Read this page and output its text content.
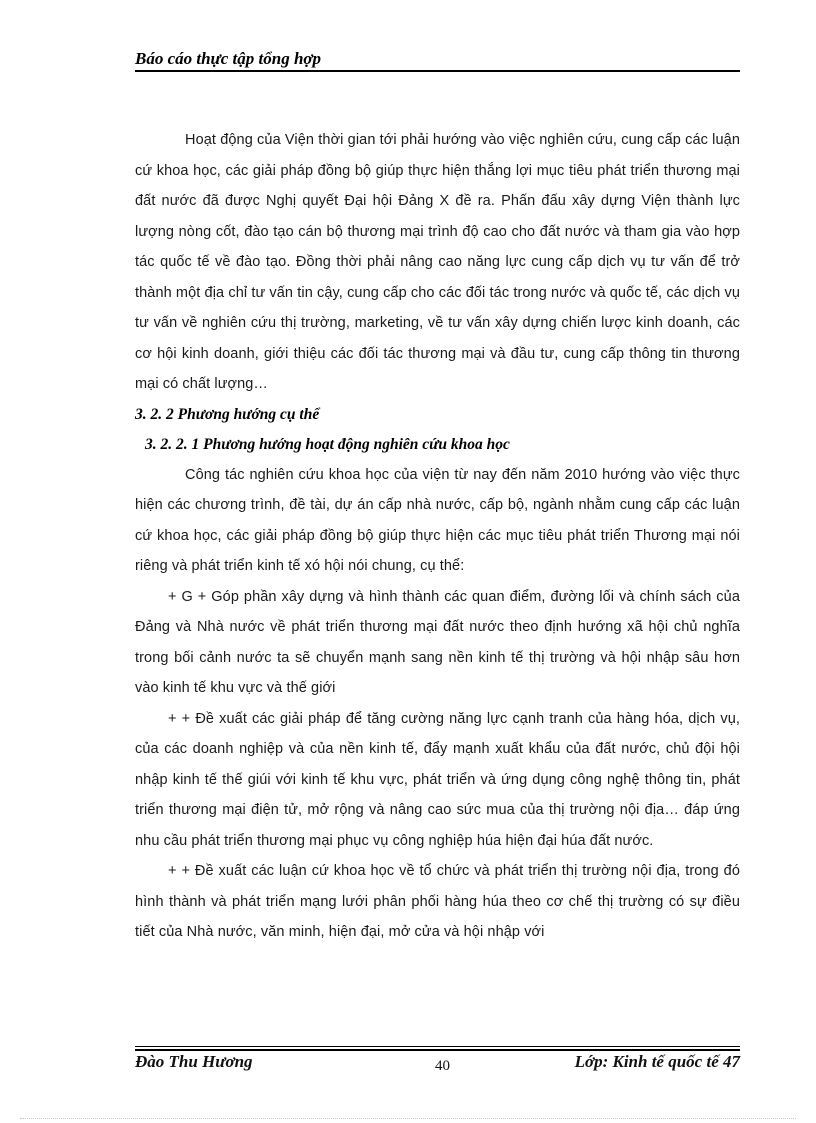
Báo cáo thực tập tổng hợp

Hoạt động của Viện thời gian tới phải hướng vào việc nghiên cứu, cung cấp các luận cứ khoa học, các giải pháp đồng bộ giúp thực hiện thắng lợi mục tiêu phát triển thương mại đất nước đã được Nghị quyết Đại hội Đảng X đề ra. Phấn đấu xây dựng Viện thành lực lượng nòng cốt, đào tạo cán bộ thương mại trình độ cao cho đất nước và tham gia vào hợp tác quốc tế về đào tạo. Đồng thời phải nâng cao năng lực cung cấp dịch vụ tư vấn để trở thành một địa chỉ tư vấn tin cậy, cung cấp cho các đối tác trong nước và quốc tế, các dịch vụ tư vấn về nghiên cứu thị trường, marketing, về tư vấn xây dựng chiến lược kinh doanh, các cơ hội kinh doanh, giới thiệu các đối tác thương mại và đầu tư, cung cấp thông tin thương mại có chất lượng…

3. 2. 2 Phương hướng cụ thể

3. 2. 2. 1 Phương hướng hoạt động nghiên cứu khoa học

Công tác nghiên cứu khoa học của viện từ nay đến năm 2010 hướng vào việc thực hiện các chương trình, đề tài, dự án cấp nhà nước, cấp bộ, ngành nhằm cung cấp các luận cứ khoa học, các giải pháp đồng bộ giúp thực hiện các mục tiêu phát triển Thương mại nói riêng và phát triển kinh tế xó hội nói chung, cụ thể:

+ G + Góp phần xây dựng và hình thành các quan điểm, đường lối và chính sách của Đảng và Nhà nước về phát triển thương mại đất nước theo định hướng xã hội chủ nghĩa trong bối cảnh nước ta sẽ chuyển mạnh sang nền kinh tế thị trường và hội nhập sâu hơn vào kinh tế khu vực và thế giới

+ + Đề xuất các giải pháp để tăng cường năng lực cạnh tranh của hàng hóa, dịch vụ, của các doanh nghiệp và của nền kinh tế, đẩy mạnh xuất khẩu của đất nước, chủ đội hội nhập kinh tế thế giúi với kinh tế khu vực, phát triển và ứng dụng công nghệ thông tin, phát triển thương mại điện tử, mở rộng và nâng cao sức mua của thị trường nội địa… đáp ứng nhu cầu phát triển thương mại phục vụ công nghiệp húa hiện đại húa đất nước.

+ + Đề xuất các luận cứ khoa học về tổ chức và phát triển thị trường nội địa, trong đó hình thành và phát triển mạng lưới phân phối hàng húa theo cơ chế thị trường có sự điều tiết của Nhà nước, văn minh, hiện đại, mở cửa và hội nhập với

Đào Thu Hương	40	Lớp: Kinh tế quốc tế 47
